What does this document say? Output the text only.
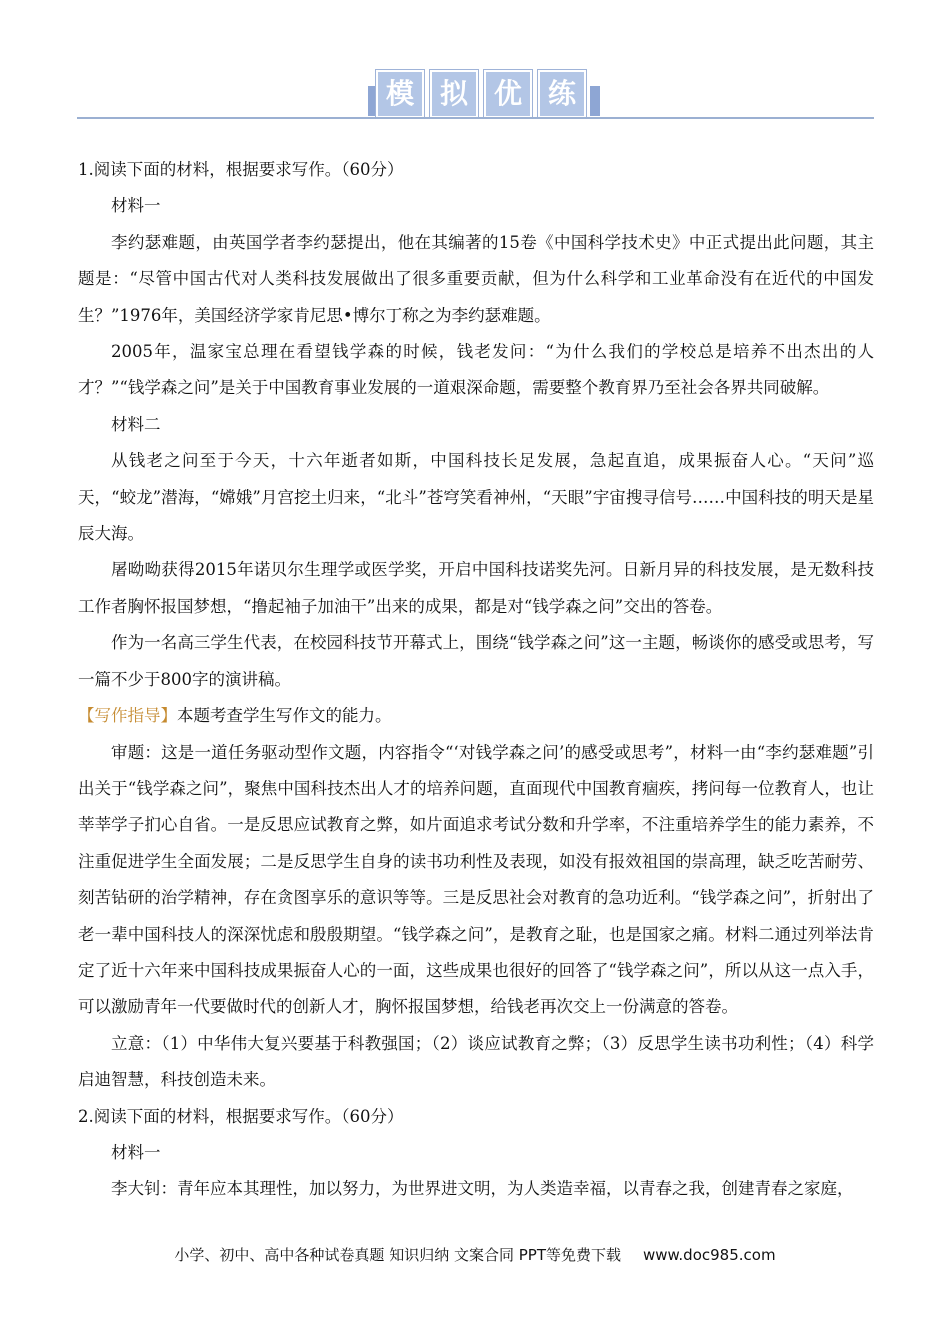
模 拟 优 练

1.阅读下面的材料，根据要求写作。（60分）

材料一

李约瑟难题，由英国学者李约瑟提出，他在其编著的15卷《中国科学技术史》中正式提出此问题，其主题是：“尽管中国古代对人类科技发展做出了很多重要贡献，但为什么科学和工业革命没有在近代的中国发生？”1976年，美国经济学家肯尼思•博尔丁称之为李约瑟难题。

2005年，温家宝总理在看望钱学森的时候，钱老发问：“为什么我们的学校总是培养不出杰出的人才？”“钱学森之问”是关于中国教育事业发展的一道艰深命题，需要整个教育界乃至社会各界共同破解。

材料二

从钱老之问至于今天，十六年逝者如斯，中国科技长足发展，急起直追，成果振奋人心。“天问”巡天，“蛟龙”潜海，“嫦娥”月宫挖土归来，“北斗”苍穹笑看神州，“天眼”宇宙搜寻信号……中国科技的明天是星辰大海。

屠呦呦获得2015年诺贝尔生理学或医学奖，开启中国科技诺奖先河。日新月异的科技发展，是无数科技工作者胸怀报国梦想，“撸起袖子加油干”出来的成果，都是对“钱学森之问”交出的答卷。

作为一名高三学生代表，在校园科技节开幕式上，围绕“钱学森之问”这一主题，畅谈你的感受或思考，写一篇不少于800字的演讲稿。

【写作指导】本题考查学生写作文的能力。

审题：这是一道任务驱动型作文题，内容指令“‘对钱学森之问’的感受或思考”，材料一由“李约瑟难题”引出关于“钱学森之问”，聚焦中国科技杰出人才的培养问题，直面现代中国教育痼疾，拷问每一位教育人，也让莘莘学子扪心自省。一是反思应试教育之弊，如片面追求考试分数和升学率，不注重培养学生的能力素养，不注重促进学生全面发展；二是反思学生自身的读书功利性及表现，如没有报效祖国的崇高理，缺乏吃苦耐劳、刻苦钻研的治学精神，存在贪图享乐的意识等等。三是反思社会对教育的急功近利。“钱学森之问”，折射出了老一辈中国科技人的深深忧虑和殷殷期望。“钱学森之问”，是教育之耻，也是国家之痛。材料二通过列举法肯定了近十六年来中国科技成果振奋人心的一面，这些成果也很好的回答了“钱学森之问”，所以从这一点入手，可以激励青年一代要做时代的创新人才，胸怀报国梦想，给钱老再次交上一份满意的答卷。

立意：（1）中华伟大复兴要基于科教强国；（2）谈应试教育之弊；（3）反思学生读书功利性；（4）科学启迪智慧，科技创造未来。

2.阅读下面的材料，根据要求写作。（60分）

材料一

李大钊：青年应本其理性，加以努力，为世界进文明，为人类造幸福，以青春之我，创建青春之家庭，

小学、初中、高中各种试卷真题 知识归纳 文案合同 PPT等免费下载 www.doc985.com
